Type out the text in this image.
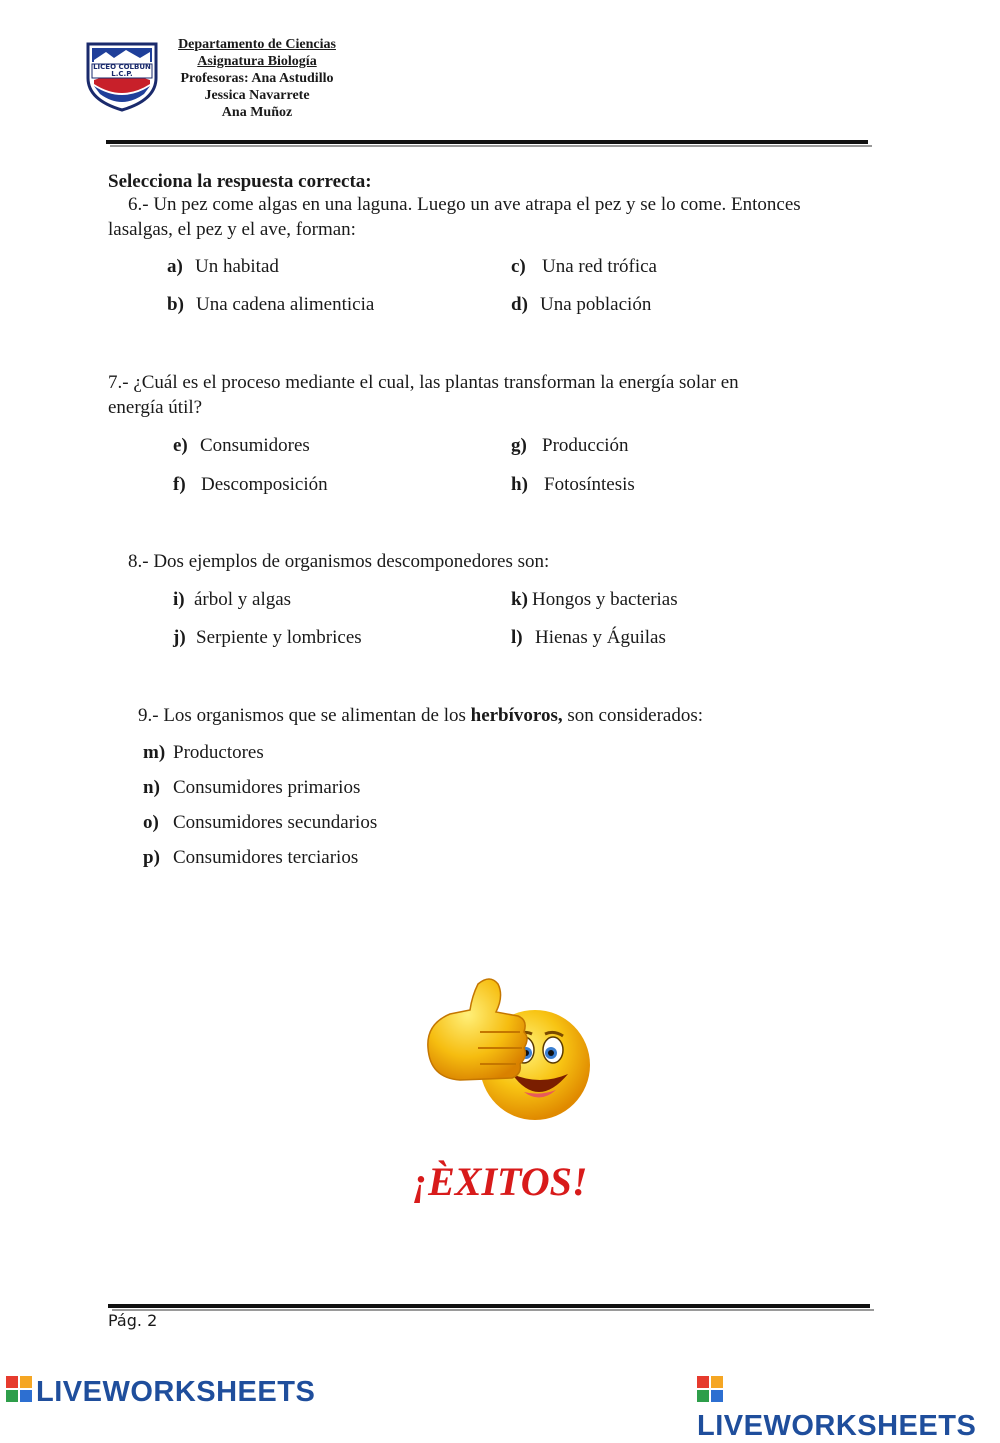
LICEO COLBUN L.C.P.
Departamento de Ciencias
Asignatura Biología
Profesoras: Ana Astudillo
Jessica Navarrete
Ana Muñoz
Selecciona la respuesta correcta:
6.- Un pez come algas en una laguna. Luego un ave atrapa el pez y se lo come. Entonces
lasalgas, el pez y el ave, forman:
a) Un habitad
b) Una cadena alimenticia
c) Una red trófica
d) Una población
7.- ¿Cuál es el proceso mediante el cual, las plantas transforman la energía solar en
energía útil?
e) Consumidores
f) Descomposición
g) Producción
h) Fotosíntesis
8.- Dos ejemplos de organismos descomponedores son:
i) árbol y algas
j) Serpiente y lombrices
k) Hongos y bacterias
l) Hienas y Águilas
9.- Los organismos que se alimentan de los herbívoros, son considerados:
m) Productores
n) Consumidores primarios
o) Consumidores secundarios
p) Consumidores terciarios
¡ÈXITOS!
Pág. 2
LIVEWORKSHEETS
LIVEWORKSHEETS
